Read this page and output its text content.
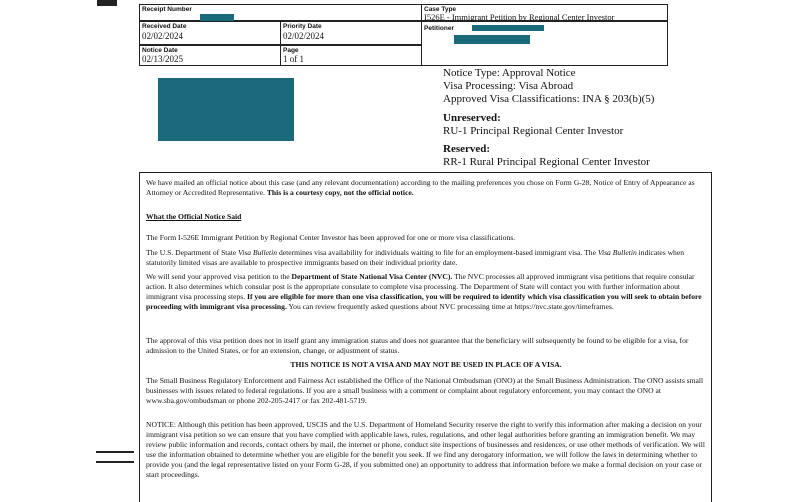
Receipt Number	Case Type
I526E - Immigrant Petition by Regional Center Investor
Received Date
02/02/2024
Priority Date
02/02/2024
Petitioner
Notice Date
02/13/2025
Page
1 of 1
Notice Type: Approval Notice
Visa Processing: Visa Abroad
Approved Visa Classifications: INA § 203(b)(5)
Unreserved:
RU-1 Principal Regional Center Investor
Reserved:
RR-1 Rural Principal Regional Center Investor

We have mailed an official notice about this case (and any relevant documentation) according to the mailing preferences you chose on Form G-28, Notice of Entry of Appearance as Attorney or Accredited Representative. This is a courtesy copy, not the official notice.

What the Official Notice Said

The Form I-526E Immigrant Petition by Regional Center Investor has been approved for one or more visa classifications.

The U.S. Department of State Visa Bulletin determines visa availability for individuals waiting to file for an employment-based immigrant visa. The Visa Bulletin indicates when statutorily limited visas are available to prospective immigrants based on their individual priority date.

We will send your approved visa petition to the Department of State National Visa Center (NVC). The NVC processes all approved immigrant visa petitions that require consular action. It also determines which consular post is the appropriate consulate to complete visa processing. The Department of State will contact you with further information about immigrant visa processing steps. If you are eligible for more than one visa classification, you will be required to identify which visa classification you will seek to obtain before proceeding with immigrant visa processing. You can review frequently asked questions about NVC processing time at https://nvc.state.gov/timeframes.

The approval of this visa petition does not in itself grant any immigration status and does not guarantee that the beneficiary will subsequently be found to be eligible for a visa, for admission to the United States, or for an extension, change, or adjustment of status.

THIS NOTICE IS NOT A VISA AND MAY NOT BE USED IN PLACE OF A VISA.

The Small Business Regulatory Enforcement and Fairness Act established the Office of the National Ombudsman (ONO) at the Small Business Administration. The ONO assists small businesses with issues related to federal regulations. If you are a small business with a comment or complaint about regulatory enforcement, you may contact the ONO at www.sba.gov/ombudsman or phone 202-205-2417 or fax 202-481-5719.

NOTICE: Although this petition has been approved, USCIS and the U.S. Department of Homeland Security reserve the right to verify this information after making a decision on your immigrant visa petition so we can ensure that you have complied with applicable laws, rules, regulations, and other legal authorities before granting an immigration benefit. We may review public information and records, contact others by mail, the internet or phone, conduct site inspections of businesses and residences, or use other methods of verification. We will use the information obtained to determine whether you are eligible for the benefit you seek. If we find any derogatory information, we will follow the laws in determining whether to provide you (and the legal representative listed on your Form G-28, if you submitted one) an opportunity to address that information before we make a formal decision on your case or start proceedings.
